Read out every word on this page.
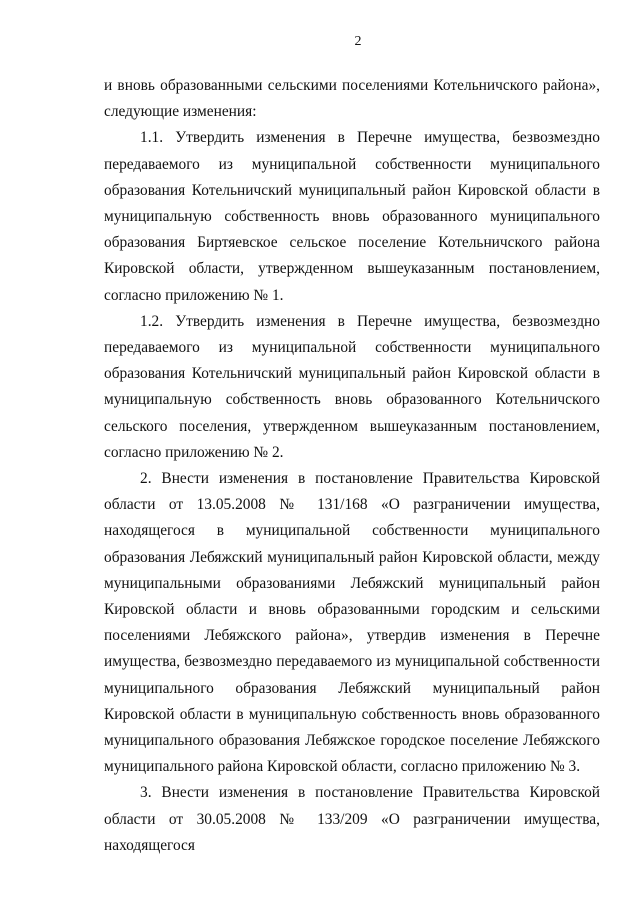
2

и вновь образованными сельскими поселениями Котельничского района», следующие изменения:

1.1. Утвердить изменения в Перечне имущества, безвозмездно передаваемого из муниципальной собственности муниципального образования Котельничский муниципальный район Кировской области в муниципальную собственность вновь образованного муниципального образования Биртяевское сельское поселение Котельничского района Кировской области, утвержденном вышеуказанным постановлением, согласно приложению № 1.

1.2. Утвердить изменения в Перечне имущества, безвозмездно передаваемого из муниципальной собственности муниципального образования Котельничский муниципальный район Кировской области в муниципальную собственность вновь образованного Котельничского сельского поселения, утвержденном вышеуказанным постановлением, согласно приложению № 2.

2. Внести изменения в постановление Правительства Кировской области от 13.05.2008 № 131/168 «О разграничении имущества, находящегося в муниципальной собственности муниципального образования Лебяжский муниципальный район Кировской области, между муниципальными образованиями Лебяжский муниципальный район Кировской области и вновь образованными городским и сельскими поселениями Лебяжского района», утвердив изменения в Перечне имущества, безвозмездно передаваемого из муниципальной собственности муниципального образования Лебяжский муниципальный район Кировской области в муниципальную собственность вновь образованного муниципального образования Лебяжское городское поселение Лебяжского муниципального района Кировской области, согласно приложению № 3.

3. Внести изменения в постановление Правительства Кировской области от 30.05.2008 № 133/209 «О разграничении имущества, находящегося
